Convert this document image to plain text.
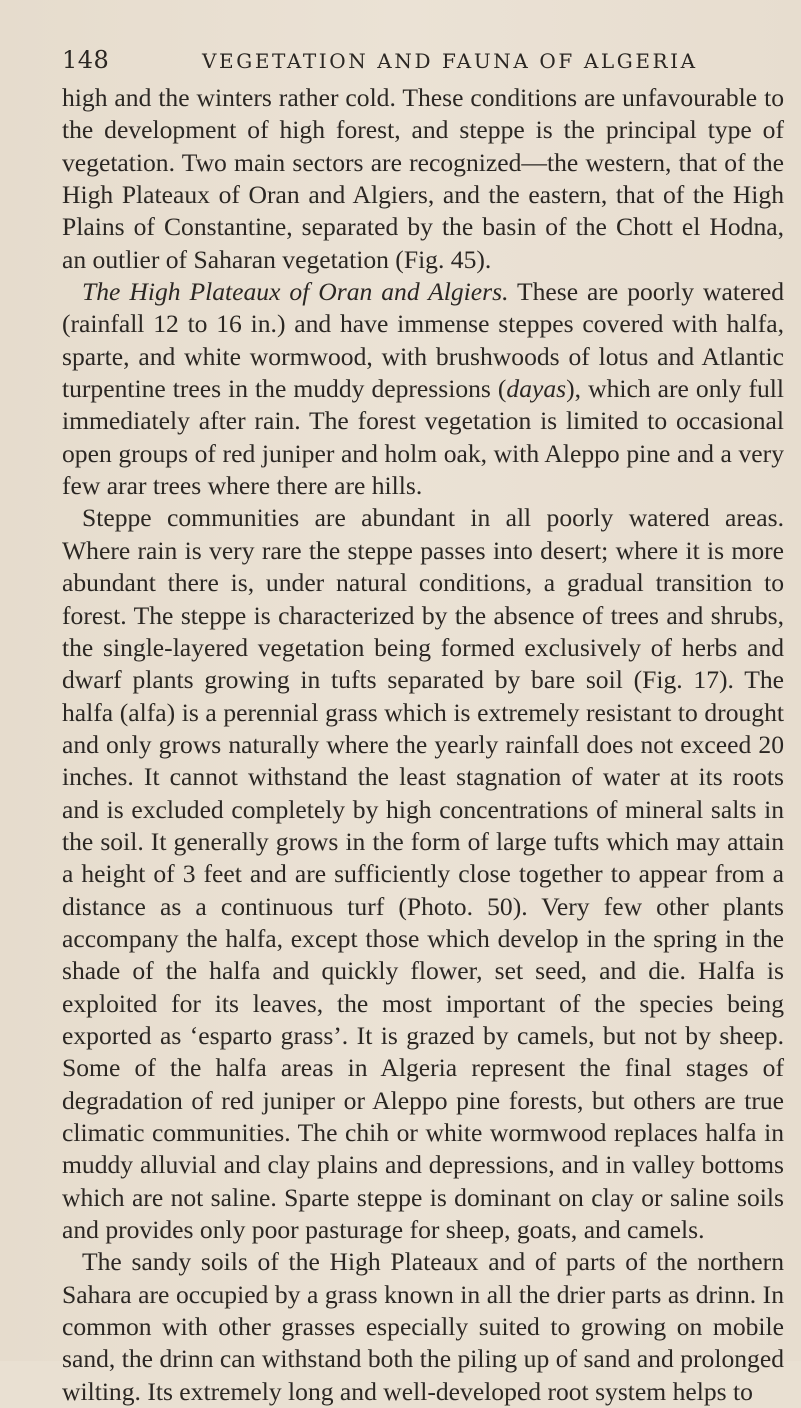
148	VEGETATION AND FAUNA OF ALGERIA

high and the winters rather cold. These conditions are unfavourable to the development of high forest, and steppe is the principal type of vegetation. Two main sectors are recognized—the western, that of the High Plateaux of Oran and Algiers, and the eastern, that of the High Plains of Constantine, separated by the basin of the Chott el Hodna, an outlier of Saharan vegetation (Fig. 45).

The High Plateaux of Oran and Algiers. These are poorly watered (rainfall 12 to 16 in.) and have immense steppes covered with halfa, sparte, and white wormwood, with brushwoods of lotus and Atlantic turpentine trees in the muddy depressions (dayas), which are only full immediately after rain. The forest vegetation is limited to occasional open groups of red juniper and holm oak, with Aleppo pine and a very few arar trees where there are hills.

Steppe communities are abundant in all poorly watered areas. Where rain is very rare the steppe passes into desert; where it is more abundant there is, under natural conditions, a gradual transition to forest. The steppe is characterized by the absence of trees and shrubs, the single-layered vegetation being formed exclusively of herbs and dwarf plants growing in tufts separated by bare soil (Fig. 17). The halfa (alfa) is a perennial grass which is extremely resistant to drought and only grows naturally where the yearly rainfall does not exceed 20 inches. It cannot withstand the least stagnation of water at its roots and is excluded completely by high concentrations of mineral salts in the soil. It generally grows in the form of large tufts which may attain a height of 3 feet and are sufficiently close together to appear from a distance as a continuous turf (Photo. 50). Very few other plants accompany the halfa, except those which develop in the spring in the shade of the halfa and quickly flower, set seed, and die. Halfa is exploited for its leaves, the most important of the species being exported as ‘esparto grass’. It is grazed by camels, but not by sheep. Some of the halfa areas in Algeria represent the final stages of degradation of red juniper or Aleppo pine forests, but others are true climatic communities. The chih or white wormwood replaces halfa in muddy alluvial and clay plains and depressions, and in valley bottoms which are not saline. Sparte steppe is dominant on clay or saline soils and provides only poor pasturage for sheep, goats, and camels.

The sandy soils of the High Plateaux and of parts of the northern Sahara are occupied by a grass known in all the drier parts as drinn. In common with other grasses especially suited to growing on mobile sand, the drinn can withstand both the piling up of sand and prolonged wilting. Its extremely long and well-developed root system helps to
